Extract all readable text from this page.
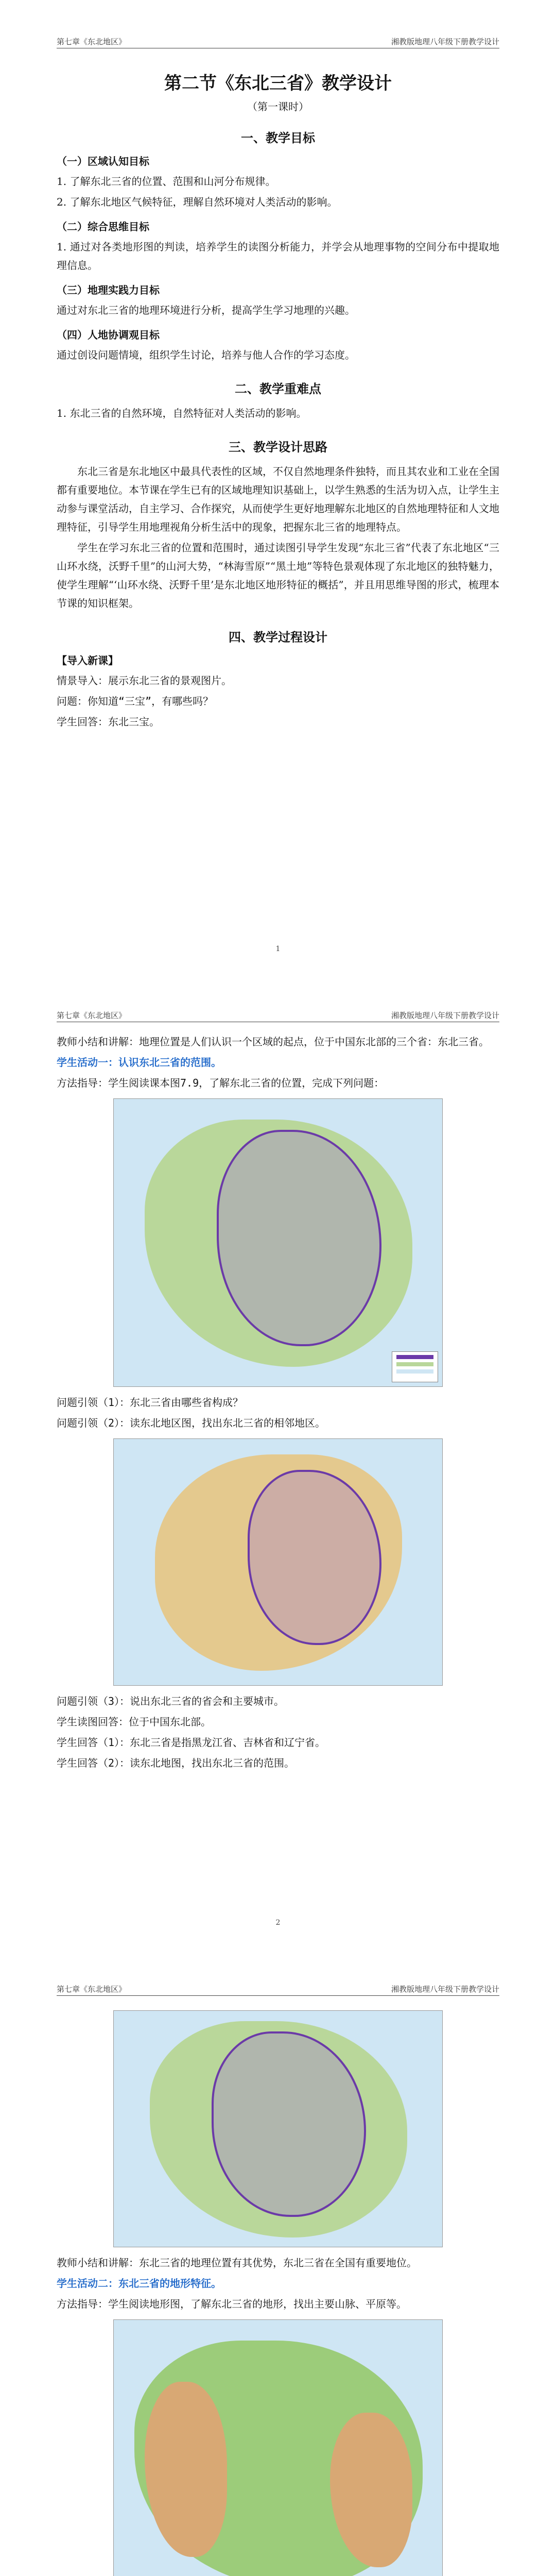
第七章《东北地区》	湘教版地理八年级下册教学设计
第二节《东北三省》教学设计
（第一课时）
一、教学目标
（一）区域认知目标

1. 了解东北三省的位置、范围和山河分布规律。

2. 了解东北地区气候特征，理解自然环境对人类活动的影响。

（二）综合思维目标

1. 通过对各类地形图的判读，培养学生的读图分析能力，并学会从地理事物的空间分布中提取地理信息。

（三）地理实践力目标

通过对东北三省的地理环境进行分析，提高学生学习地理的兴趣。

（四）人地协调观目标

通过创设问题情境，组织学生讨论，培养与他人合作的学习态度。

二、教学重难点

1. 东北三省的自然环境，自然特征对人类活动的影响。

三、教学设计思路

东北三省是东北地区中最具代表性的区域，不仅自然地理条件独特，而且其农业和工业在全国都有重要地位。本节课在学生已有的区域地理知识基础上，以学生熟悉的生活为切入点，让学生主动参与课堂活动，自主学习、合作探究，从而使学生更好地理解东北地区的自然地理特征和人文地理特征，引导学生用地理视角分析生活中的现象，把握东北三省的地理特点。

学生在学习东北三省的位置和范围时，通过读图引导学生发现“东北三省”代表了东北地区“三山环水绕，沃野千里”的山河大势，“林海雪原”“黑土地”等特色景观体现了东北地区的独特魅力，使学生理解“‘山环水绕、沃野千里’是东北地区地形特征的概括”，并且用思维导图的形式，梳理本节课的知识框架。

四、教学过程设计
【导入新课】

情景导入：展示东北三省的景观图片。

问题：你知道“三宝”，有哪些吗？

学生回答：东北三宝。

1
第七章《东北地区》	湘教版地理八年级下册教学设计

教师小结和讲解：地理位置是人们认识一个区域的起点，位于中国东北部的三个省：东北三省。

学生活动一：认识东北三省的范围。

方法指导：学生阅读课本图7.9，了解东北三省的位置，完成下列问题：

问题引领（1）：东北三省由哪些省构成？

问题引领（2）：读东北地区图，找出东北三省的相邻地区。

问题引领（3）：说出东北三省的省会和主要城市。

学生读图回答：位于中国东北部。

学生回答（1）：东北三省是指黑龙江省、吉林省和辽宁省。

学生回答（2）：读东北地图，找出东北三省的范围。

2
第七章《东北地区》	湘教版地理八年级下册教学设计

教师小结和讲解：东北三省的地理位置有其优势，东北三省在全国有重要地位。

学生活动二：东北三省的地形特征。

方法指导：学生阅读地形图，了解东北三省的地形，找出主要山脉、平原等。
